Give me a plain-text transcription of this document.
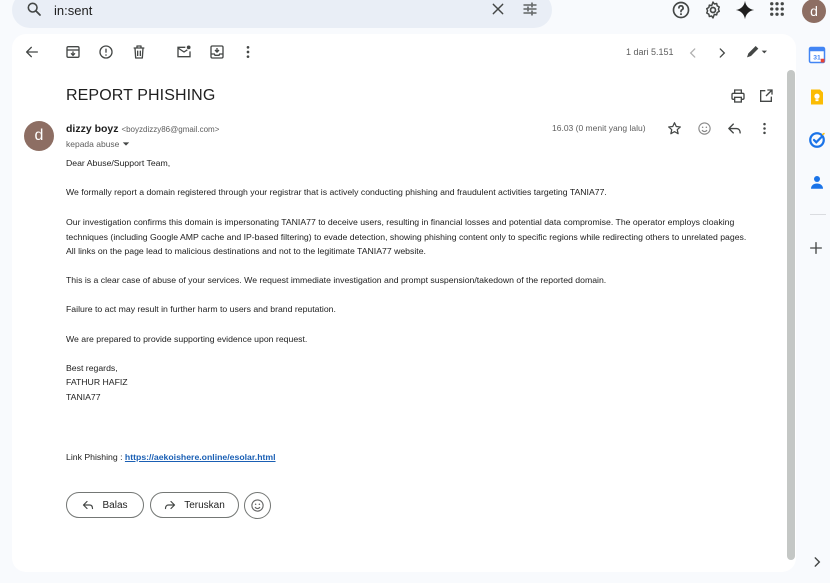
in:sent	d
1 dari 5.151
REPORT PHISHING
d	dizzy boyz <boyzdizzy86@gmail.com>
kepada abuse
16.03 (0 menit yang lalu)
Dear Abuse/Support Team,
We formally report a domain registered through your registrar that is actively conducting phishing and fraudulent activities targeting TANIA77.
Our investigation confirms this domain is impersonating TANIA77 to deceive users, resulting in financial losses and potential data compromise. The operator employs cloaking techniques (including Google AMP cache and IP-based filtering) to evade detection, showing phishing content only to specific regions while redirecting others to unrelated pages. All links on the page lead to malicious destinations and not to the legitimate TANIA77 website.
This is a clear case of abuse of your services. We request immediate investigation and prompt suspension/takedown of the reported domain.
Failure to act may result in further harm to users and brand reputation.
We are prepared to provide supporting evidence upon request.
Best regards,
FATHUR HAFIZ
TANIA77
Link Phishing : https://aekoishere.online/esolar.html
Balas	Teruskan
31
